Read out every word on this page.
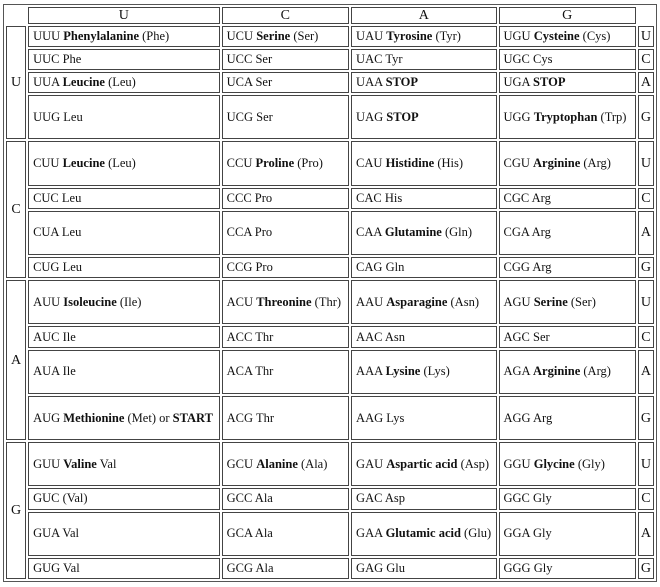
	U	C	A	G	
U	UUU Phenylalanine (Phe)	UCU Serine (Ser)	UAU Tyrosine (Tyr)	UGU Cysteine (Cys)	U
	UUC Phe	UCC Ser	UAC Tyr	UGC Cys	C
	UUA Leucine (Leu)	UCA Ser	UAA STOP	UGA STOP	A
	UUG Leu	UCG Ser	UAG STOP	UGG Tryptophan (Trp)	G
C	CUU Leucine (Leu)	CCU Proline (Pro)	CAU Histidine (His)	CGU Arginine (Arg)	U
	CUC Leu	CCC Pro	CAC His	CGC Arg	C
	CUA Leu	CCA Pro	CAA Glutamine (Gln)	CGA Arg	A
	CUG Leu	CCG Pro	CAG Gln	CGG Arg	G
A	AUU Isoleucine (Ile)	ACU Threonine (Thr)	AAU Asparagine (Asn)	AGU Serine (Ser)	U
	AUC Ile	ACC Thr	AAC Asn	AGC Ser	C
	AUA Ile	ACA Thr	AAA Lysine (Lys)	AGA Arginine (Arg)	A
	AUG Methionine (Met) or START	ACG Thr	AAG Lys	AGG Arg	G
G	GUU Valine Val	GCU Alanine (Ala)	GAU Aspartic acid (Asp)	GGU Glycine (Gly)	U
	GUC (Val)	GCC Ala	GAC Asp	GGC Gly	C
	GUA Val	GCA Ala	GAA Glutamic acid (Glu)	GGA Gly	A
	GUG Val	GCG Ala	GAG Glu	GGG Gly	G
